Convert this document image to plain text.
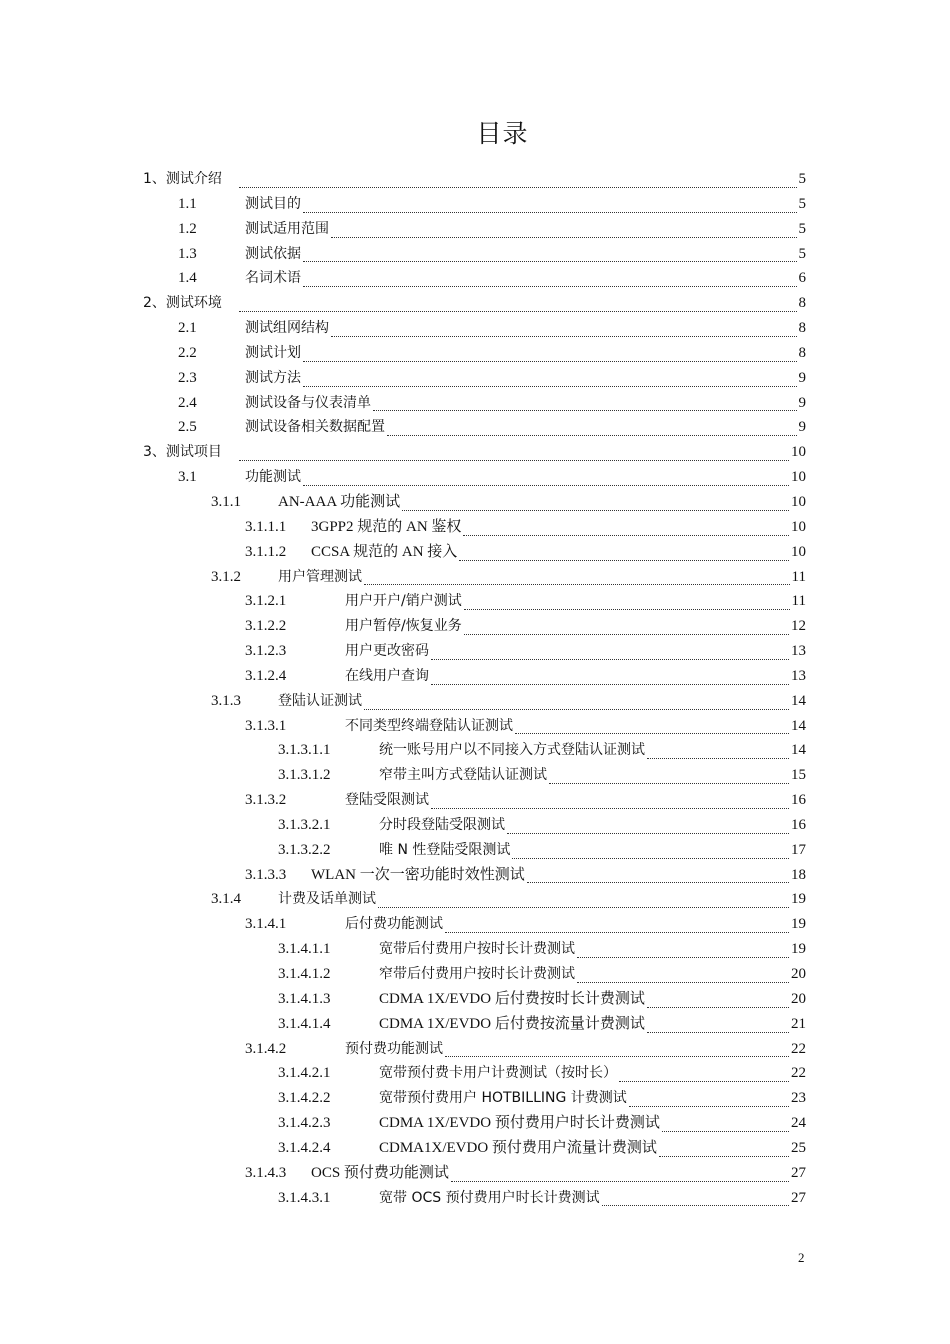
目录
1、测试介绍	5
1.1	测试目的	5
1.2	测试适用范围	5
1.3	测试依据	5
1.4	名词术语	6
2、测试环境	8
2.1	测试组网结构	8
2.2	测试计划	8
2.3	测试方法	9
2.4	测试设备与仪表清单	9
2.5	测试设备相关数据配置	9
3、测试项目	10
3.1	功能测试	10
3.1.1 AN-AAA 功能测试	10
3.1.1.1 3GPP2 规范的 AN 鉴权	10
3.1.1.2 CCSA 规范的 AN 接入	10
3.1.2	用户管理测试	11
3.1.2.1	用户开户/销户测试	11
3.1.2.2	用户暂停/恢复业务	12
3.1.2.3	用户更改密码	13
3.1.2.4	在线用户查询	13
3.1.3	登陆认证测试	14
3.1.3.1	不同类型终端登陆认证测试	14
3.1.3.1.1	统一账号用户以不同接入方式登陆认证测试	14
3.1.3.1.2	窄带主叫方式登陆认证测试	15
3.1.3.2	登陆受限测试	16
3.1.3.2.1	分时段登陆受限测试	16
3.1.3.2.2	唯 N 性登陆受限测试	17
3.1.3.3 WLAN 一次一密功能时效性测试	18
3.1.4	计费及话单测试	19
3.1.4.1	后付费功能测试	19
3.1.4.1.1	宽带后付费用户按时长计费测试	19
3.1.4.1.2	窄带后付费用户按时长计费测试	20
3.1.4.1.3	CDMA 1X/EVDO 后付费按时长计费测试	20
3.1.4.1.4	CDMA 1X/EVDO 后付费按流量计费测试	21
3.1.4.2	预付费功能测试	22
3.1.4.2.1	宽带预付费卡用户计费测试（按时长）	22
3.1.4.2.2	宽带预付费用户 HOTBILLING 计费测试	23
3.1.4.2.3	CDMA 1X/EVDO 预付费用户时长计费测试	24
3.1.4.2.4	CDMA1X/EVDO 预付费用户流量计费测试	25
3.1.4.3 OCS 预付费功能测试	27
3.1.4.3.1	宽带 OCS 预付费用户时长计费测试	27
2
